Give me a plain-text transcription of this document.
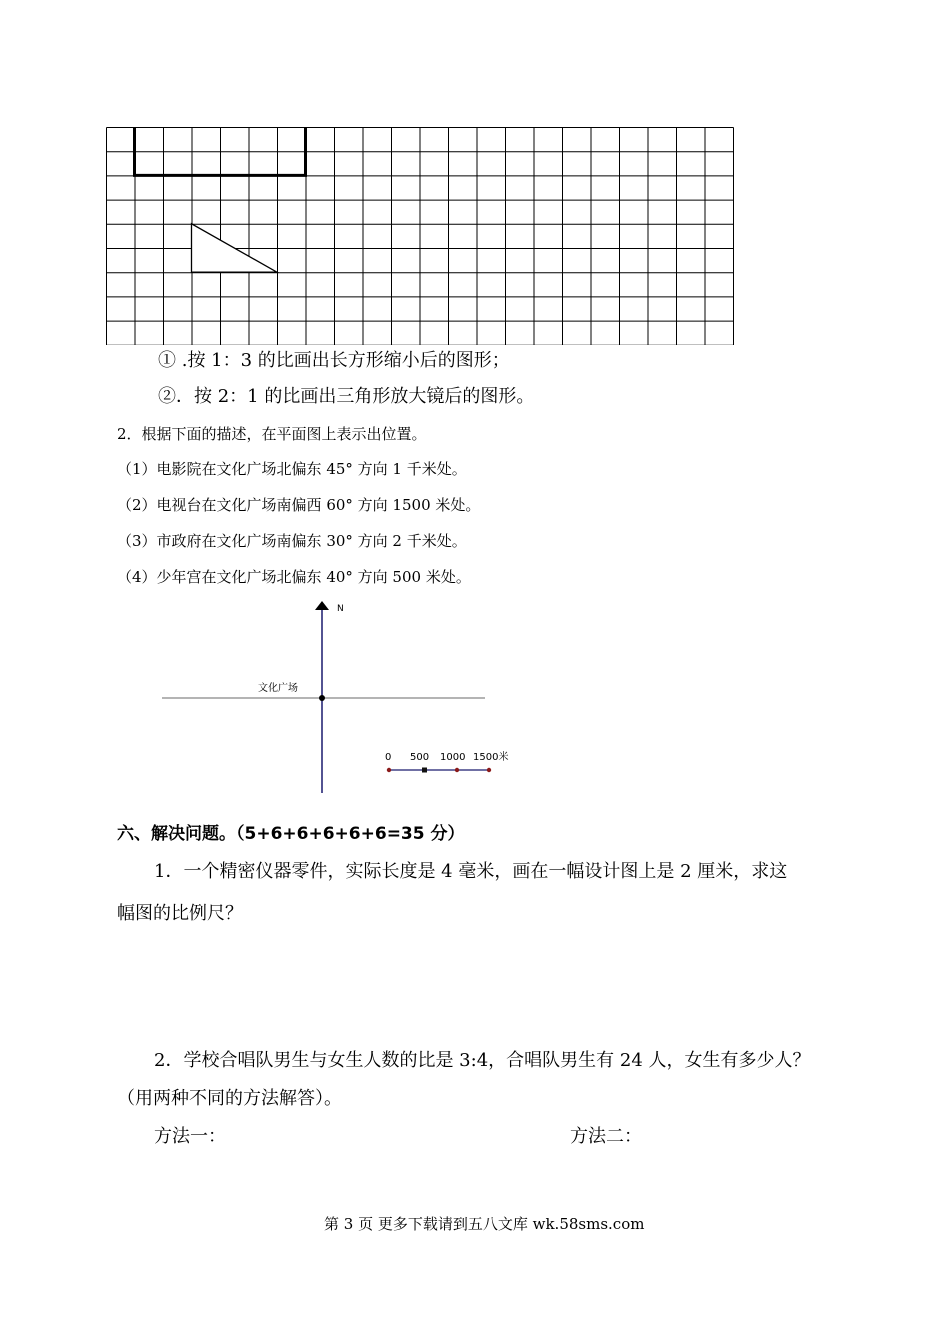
① .按 1：3 的比画出长方形缩小后的图形；
②．按 2：1 的比画出三角形放大镜后的图形。
2．根据下面的描述，在平面图上表示出位置。
（1）电影院在文化广场北偏东 45° 方向 1 千米处。
（2）电视台在文化广场南偏西 60° 方向 1500 米处。
（3）市政府在文化广场南偏东 30° 方向 2 千米处。
（4）少年宫在文化广场北偏东 40° 方向 500 米处。
N
文化广场
0 500 1000 1500米
六、解决问题。（5+6+6+6+6+6=35 分）
1．一个精密仪器零件，实际长度是 4 毫米，画在一幅设计图上是 2 厘米，求这
幅图的比例尺？
2．学校合唱队男生与女生人数的比是 3:4，合唱队男生有 24 人，女生有多少人？
（用两种不同的方法解答）。
方法一：	方法二：
第 3 页 更多下载请到五八文库 wk.58sms.com
